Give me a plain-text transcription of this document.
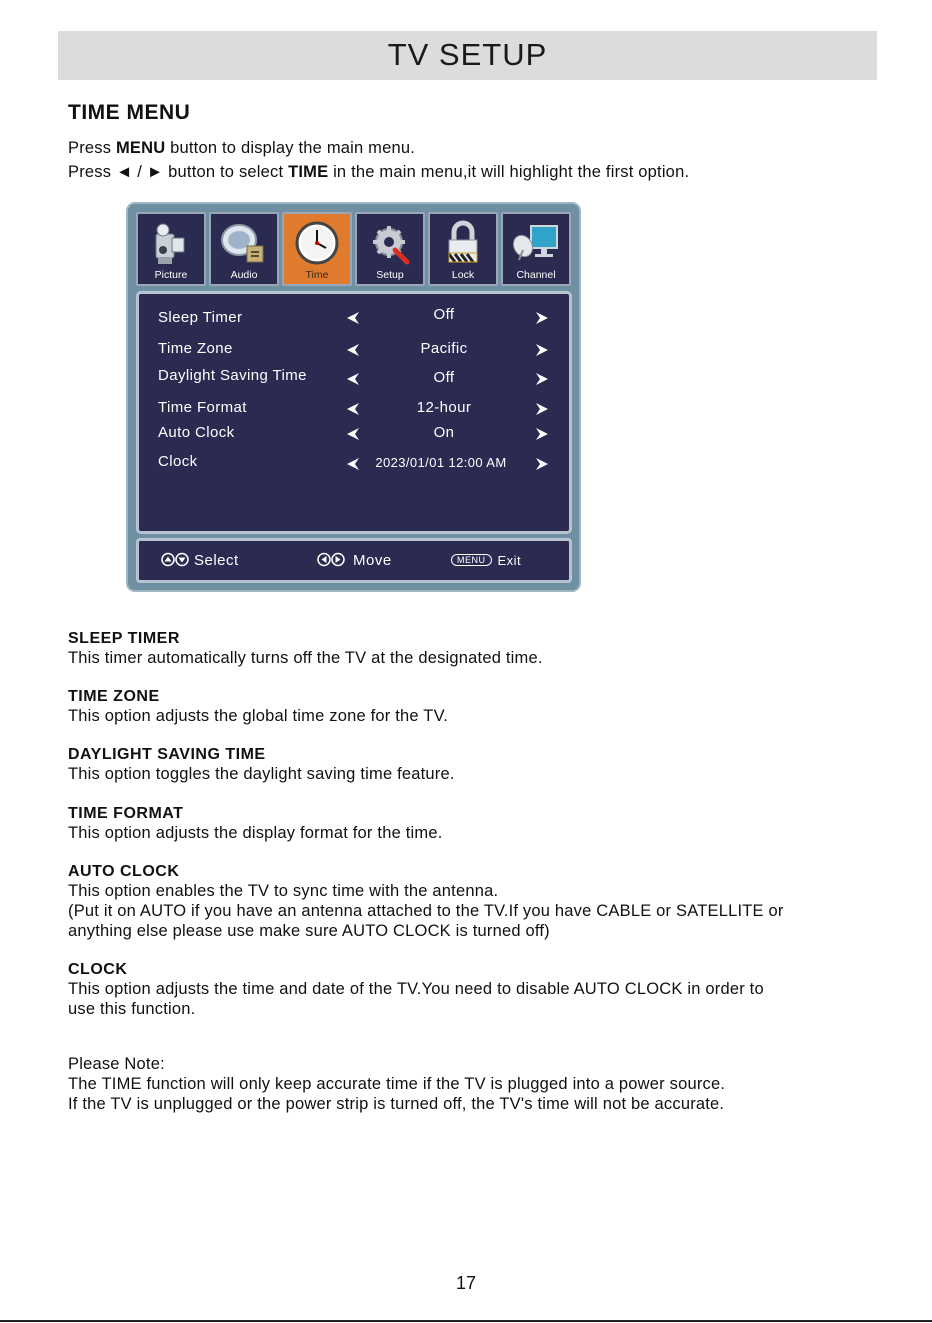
TV SETUP
TIME MENU
Press MENU button to display the main menu.
Press ◄ / ► button to select TIME in the main menu,it will highlight the first option.
Picture	Audio	Time	Setup	Lock	Channel
Sleep Timer	Off
Time Zone	Pacific
Daylight Saving Time	Off
Time Format	12-hour
Auto Clock	On
Clock	2023/01/01 12:00 AM
Select	Move	MENU Exit
SLEEP TIMER
This timer automatically turns off the TV at the designated time.
TIME ZONE
This option adjusts the global time zone for the TV.
DAYLIGHT SAVING TIME
This option toggles the daylight saving time feature.
TIME FORMAT
This option adjusts the display format for the time.
AUTO CLOCK
This option enables the TV to sync time with the antenna.
(Put it on AUTO if you have an antenna attached to the TV.If you have CABLE or SATELLITE or
anything else please use make sure AUTO CLOCK is turned off)
CLOCK
This option adjusts the time and date of the TV.You need to disable AUTO CLOCK in order to
use this function.
Please Note:
The TIME function will only keep accurate time if the TV is plugged into a power source.
If the TV is unplugged or the power strip is turned off, the TV's time will not be accurate.
17
